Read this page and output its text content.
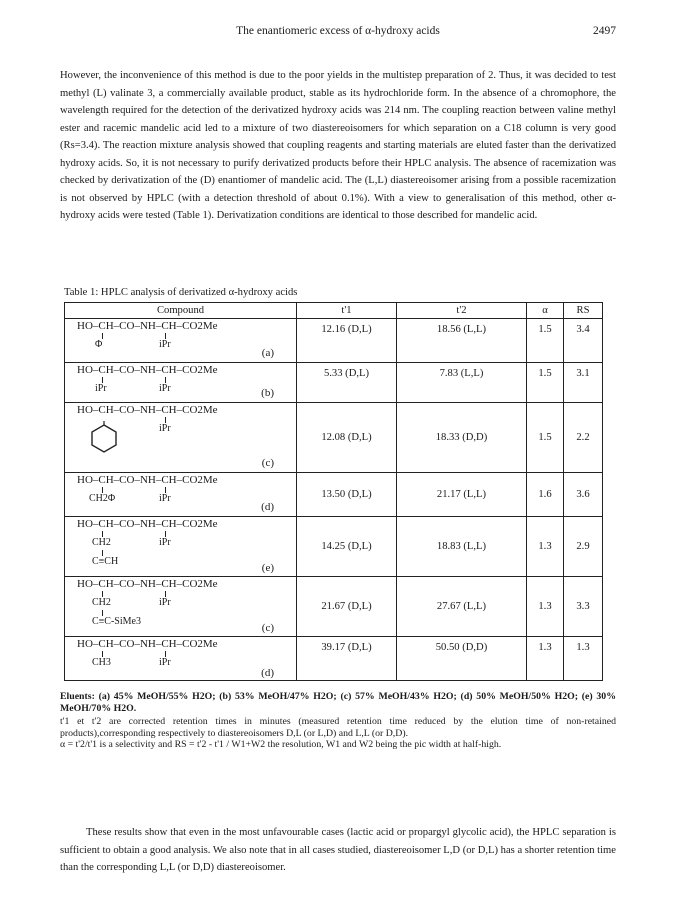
The enantiomeric excess of α-hydroxy acids	2497

However, the inconvenience of this method is due to the poor yields in the multistep preparation of 2. Thus, it was decided to test methyl (L) valinate 3, a commercially available product, stable as its hydrochloride form. In the absence of a chromophore, the wavelength required for the detection of the derivatized hydroxy acids was 214 nm. The coupling reaction between valine methyl ester and racemic mandelic acid led to a mixture of two diastereoisomers for which separation on a C18 column is very good (Rs=3.4). The reaction mixture analysis showed that coupling reagents and starting materials are eluted faster than the derivatized hydroxy acids. So, it is not necessary to purify derivatized products before their HPLC analysis. The absence of racemization was checked by derivatization of the (D) enantiomer of mandelic acid. The (L,L) diastereoisomer arising from a possible racemization is not observed by HPLC (with a detection threshold of about 0.1%). With a view to generalisation of this method, other α-hydroxy acids were tested (Table 1). Derivatization conditions are identical to those described for mandelic acid.

Table 1: HPLC analysis of derivatized α-hydroxy acids
Compound	t'1	t'2	α	RS

HO–CH–CO–NH–CH–CO2Me
Φ iPr
(a)	12.16 (D,L)	18.56 (L,L)	1.5	3.4

HO–CH–CO–NH–CH–CO2Me
iPr iPr (b)	5.33 (D,L)	7.83 (L,L)	1.5	3.1

HO–CH–CO–NH–CH–CO2Me
iPr
(c)	12.08 (D,L)	18.33 (D,D)	1.5	2.2

HO–CH–CO–NH–CH–CO2Me
CH2Φ iPr
(d)	13.50 (D,L)	21.17 (L,L)	1.6	3.6

HO–CH–CO–NH–CH–CO2Me
CH2
C≡CH
iPr
(e)	14.25 (D,L)	18.83 (L,L)	1.3	2.9

HO–CH–CO–NH–CH–CO2Me
CH2
C≡C-SiMe3
iPr
(c)	21.67 (D,L)	27.67 (L,L)	1.3	3.3

HO–CH–CO–NH–CH–CO2Me
CH3 iPr
(d)	39.17 (D,L)	50.50 (D,D)	1.3	1.3

Eluents: (a) 45% MeOH/55% H2O; (b) 53% MeOH/47% H2O; (c) 57% MeOH/43% H2O; (d) 50% MeOH/50% H2O; (e) 30% MeOH/70% H2O.

t'1 et t'2 are corrected retention times in minutes (measured retention time reduced by the elution time of non-retained products),corresponding respectively to diastereoisomers D,L (or L,D) and L,L (or D,D).

α = t'2/t'1 is a selectivity and RS = t'2 - t'1 / W1+W2 the resolution, W1 and W2 being the pic width at half-high.

These results show that even in the most unfavourable cases (lactic acid or propargyl glycolic acid), the HPLC separation is sufficient to obtain a good analysis. We also note that in all cases studied, diastereoisomer L,D (or D,L) has a shorter retention time than the corresponding L,L (or D,D) diastereoisomer.
